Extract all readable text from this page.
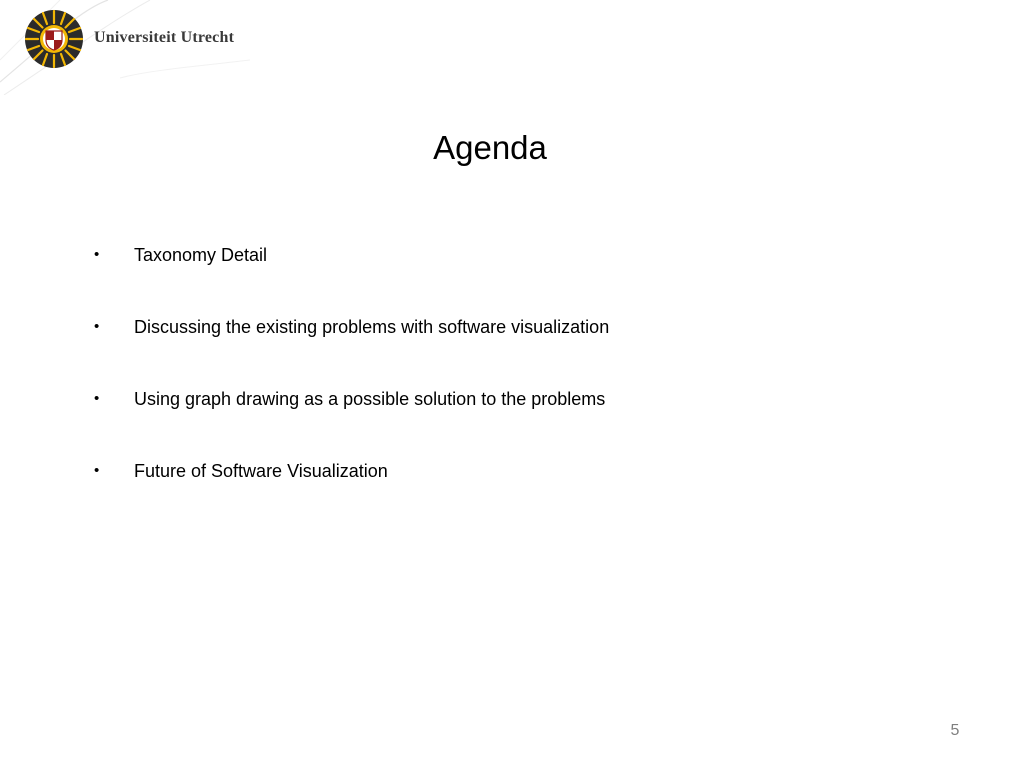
Universiteit Utrecht
Agenda
• Taxonomy Detail
• Discussing the existing problems with software visualization
• Using graph drawing as a possible solution to the problems
• Future of Software Visualization
5
